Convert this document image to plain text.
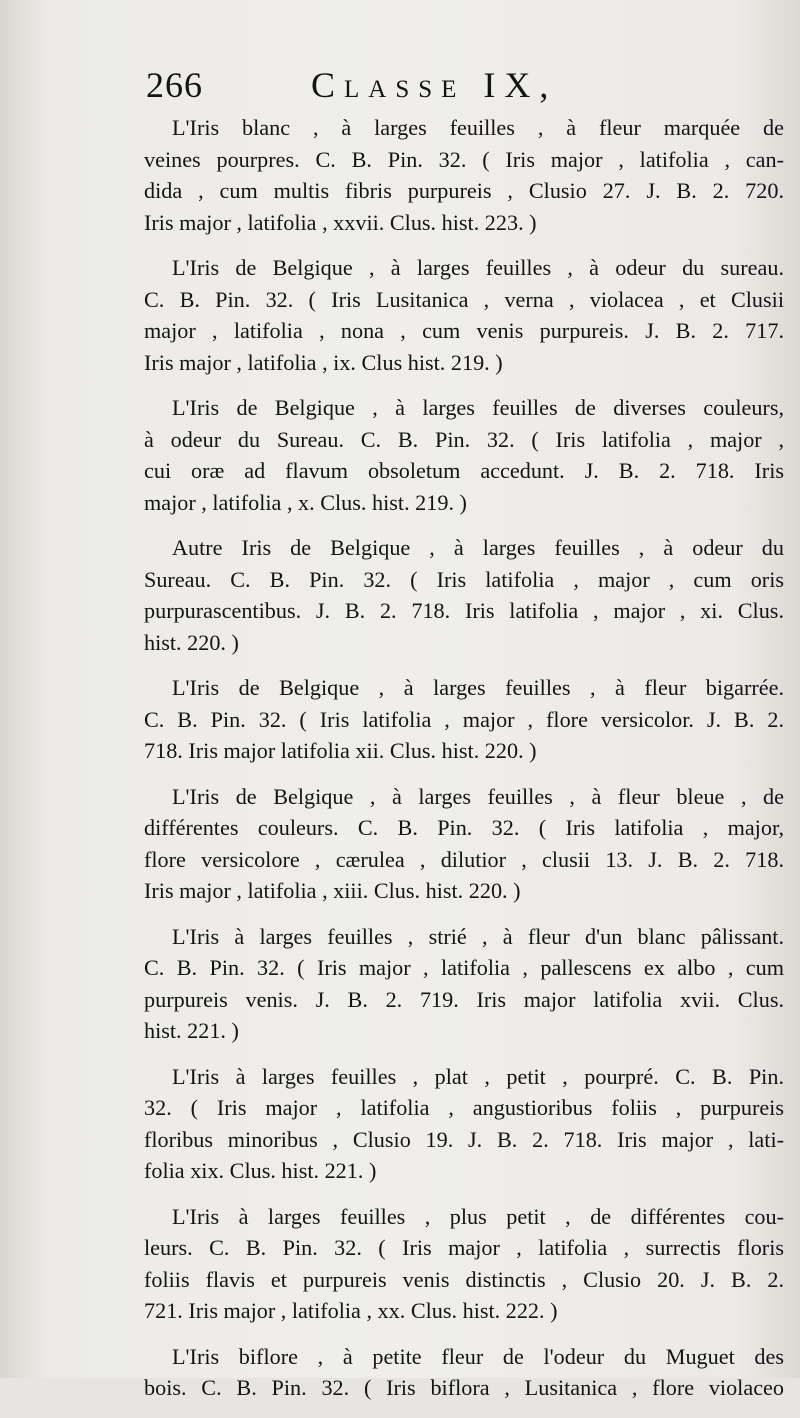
266	Classe IX,
L'Iris blanc , à larges feuilles , à fleur marquée de
veines pourpres. C. B. Pin. 32. ( Iris major , latifolia , can-
dida , cum multis fibris purpureis , Clusio 27. J. B. 2. 720.
Iris major , latifolia , xxvii. Clus. hist. 223. )
L'Iris de Belgique , à larges feuilles , à odeur du sureau.
C. B. Pin. 32. ( Iris Lusitanica , verna , violacea , et Clusii
major , latifolia , nona , cum venis purpureis. J. B. 2. 717.
Iris major , latifolia , ix. Clus hist. 219. )
L'Iris de Belgique , à larges feuilles de diverses couleurs,
à odeur du Sureau. C. B. Pin. 32. ( Iris latifolia , major ,
cui oræ ad flavum obsoletum accedunt. J. B. 2. 718. Iris
major , latifolia , x. Clus. hist. 219. )
Autre Iris de Belgique , à larges feuilles , à odeur du
Sureau. C. B. Pin. 32. ( Iris latifolia , major , cum oris
purpurascentibus. J. B. 2. 718. Iris latifolia , major , xi. Clus.
hist. 220. )
L'Iris de Belgique , à larges feuilles , à fleur bigarrée.
C. B. Pin. 32. ( Iris latifolia , major , flore versicolor. J. B. 2.
718. Iris major latifolia xii. Clus. hist. 220. )
L'Iris de Belgique , à larges feuilles , à fleur bleue , de
différentes couleurs. C. B. Pin. 32. ( Iris latifolia , major,
flore versicolore , cærulea , dilutior , clusii 13. J. B. 2. 718.
Iris major , latifolia , xiii. Clus. hist. 220. )
L'Iris à larges feuilles , strié , à fleur d'un blanc pâlissant.
C. B. Pin. 32. ( Iris major , latifolia , pallescens ex albo , cum
purpureis venis. J. B. 2. 719. Iris major latifolia xvii. Clus.
hist. 221. )
L'Iris à larges feuilles , plat , petit , pourpré. C. B. Pin.
32. ( Iris major , latifolia , angustioribus foliis , purpureis
floribus minoribus , Clusio 19. J. B. 2. 718. Iris major , lati-
folia xix. Clus. hist. 221. )
L'Iris à larges feuilles , plus petit , de différentes cou-
leurs. C. B. Pin. 32. ( Iris major , latifolia , surrectis floris
foliis flavis et purpureis venis distinctis , Clusio 20. J. B. 2.
721. Iris major , latifolia , xx. Clus. hist. 222. )
L'Iris biflore , à petite fleur de l'odeur du Muguet des
bois. C. B. Pin. 32. ( Iris biflora , Lusitanica , flore violaceo
